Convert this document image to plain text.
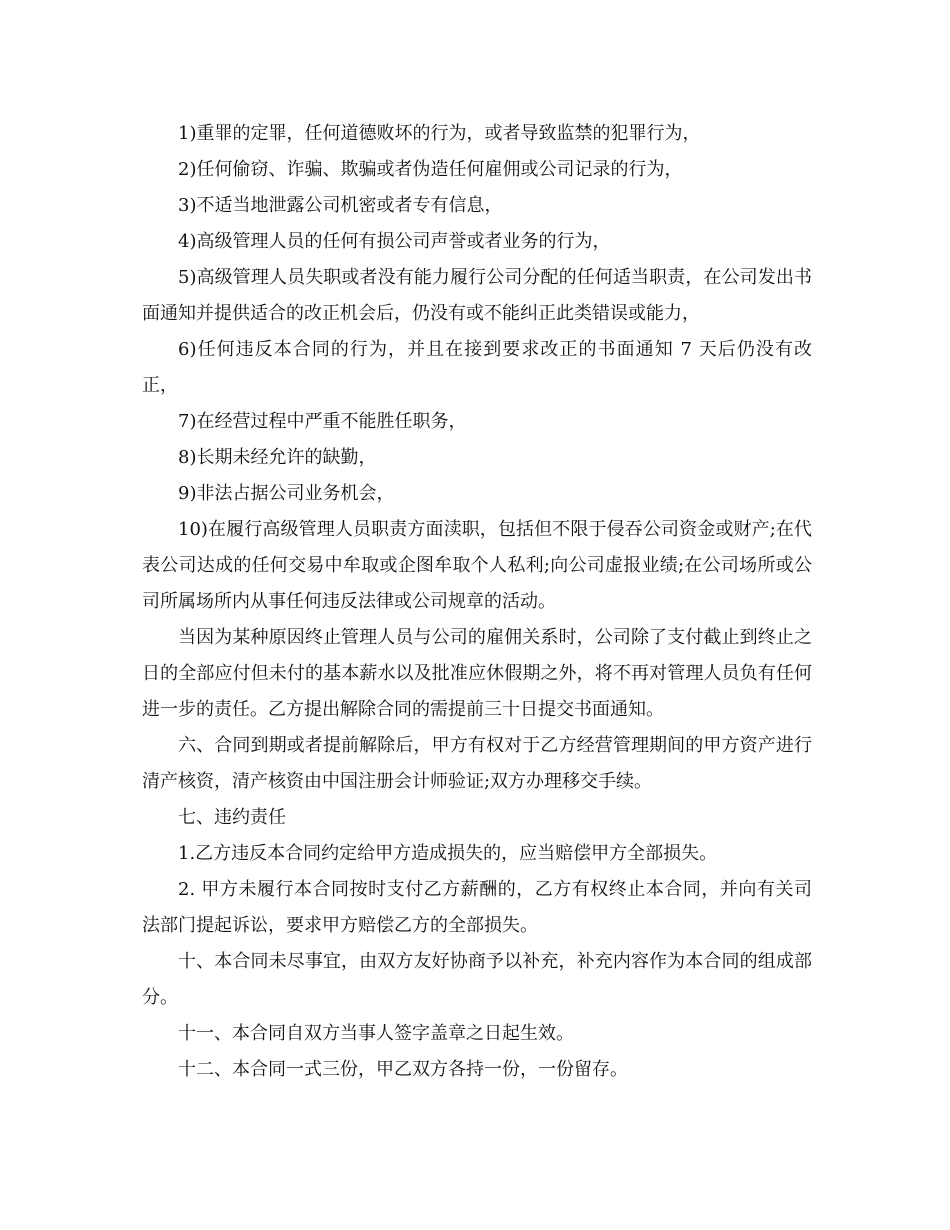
1)重罪的定罪，任何道德败坏的行为，或者导致监禁的犯罪行为，

2)任何偷窃、诈骗、欺骗或者伪造任何雇佣或公司记录的行为，

3)不适当地泄露公司机密或者专有信息，

4)高级管理人员的任何有损公司声誉或者业务的行为，

5)高级管理人员失职或者没有能力履行公司分配的任何适当职责，在公司发出书面通知并提供适合的改正机会后，仍没有或不能纠正此类错误或能力，

6)任何违反本合同的行为，并且在接到要求改正的书面通知 7 天后仍没有改正，

7)在经营过程中严重不能胜任职务，

8)长期未经允许的缺勤，

9)非法占据公司业务机会，

10)在履行高级管理人员职责方面渎职，包括但不限于侵吞公司资金或财产;在代表公司达成的任何交易中牟取或企图牟取个人私利;向公司虚报业绩;在公司场所或公司所属场所内从事任何违反法律或公司规章的活动。

当因为某种原因终止管理人员与公司的雇佣关系时，公司除了支付截止到终止之日的全部应付但未付的基本薪水以及批准应休假期之外，将不再对管理人员负有任何进一步的责任。乙方提出解除合同的需提前三十日提交书面通知。

六、合同到期或者提前解除后，甲方有权对于乙方经营管理期间的甲方资产进行清产核资，清产核资由中国注册会计师验证;双方办理移交手续。

七、违约责任

1.乙方违反本合同约定给甲方造成损失的，应当赔偿甲方全部损失。

2. 甲方未履行本合同按时支付乙方薪酬的，乙方有权终止本合同，并向有关司法部门提起诉讼，要求甲方赔偿乙方的全部损失。

十、本合同未尽事宜，由双方友好协商予以补充，补充内容作为本合同的组成部分。

十一、本合同自双方当事人签字盖章之日起生效。

十二、本合同一式三份，甲乙双方各持一份，一份留存。
